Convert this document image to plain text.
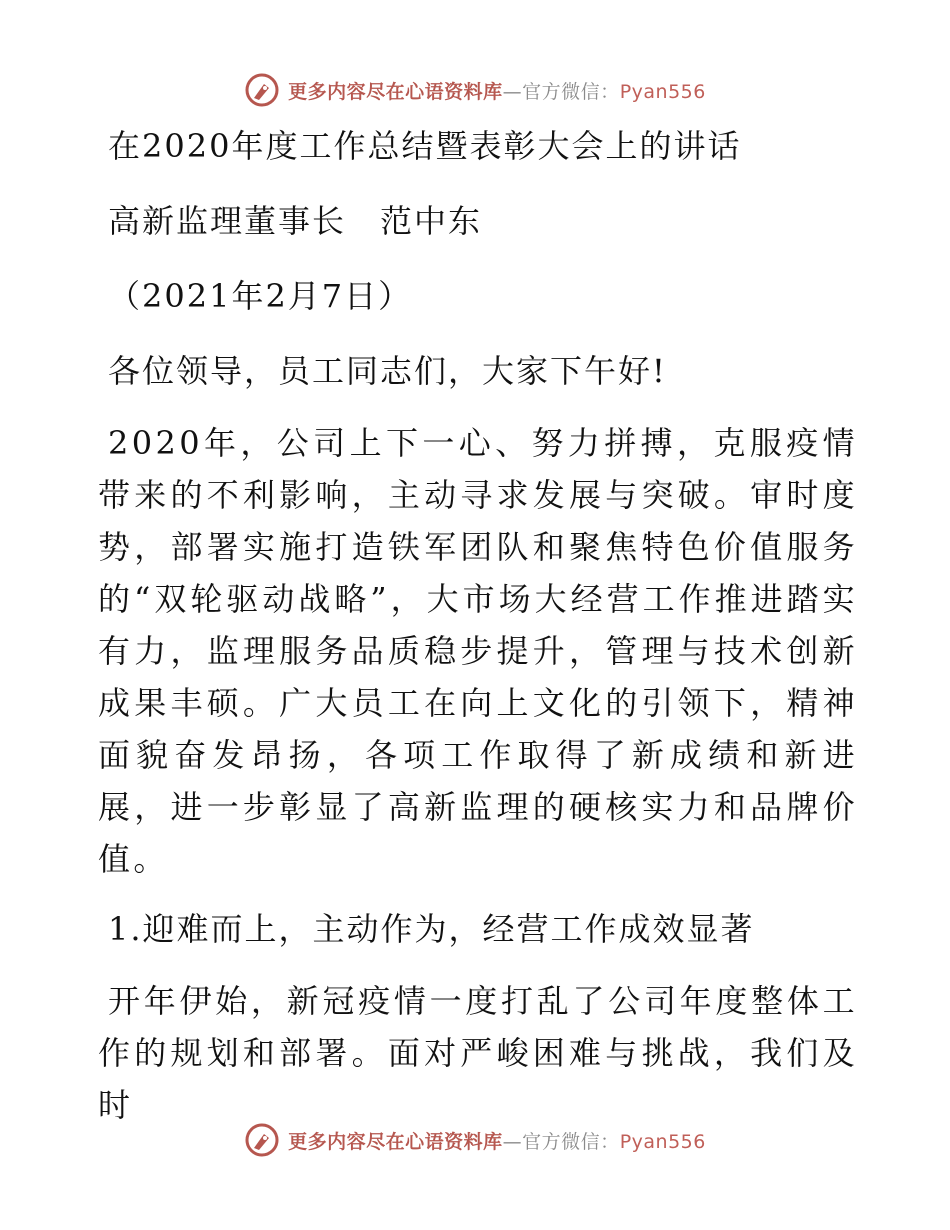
更多内容尽在心语资料库—官方微信：Pyan556

在2020年度工作总结暨表彰大会上的讲话

高新监理董事长　范中东

（2021年2月7日）

各位领导，员工同志们，大家下午好!

2020年，公司上下一心、努力拼搏，克服疫情带来的不利影响，主动寻求发展与突破。审时度势，部署实施打造铁军团队和聚焦特色价值服务的“双轮驱动战略”，大市场大经营工作推进踏实有力，监理服务品质稳步提升，管理与技术创新成果丰硕。广大员工在向上文化的引领下，精神面貌奋发昂扬，各项工作取得了新成绩和新进展，进一步彰显了高新监理的硬核实力和品牌价值。

1.迎难而上，主动作为，经营工作成效显著

开年伊始，新冠疫情一度打乱了公司年度整体工作的规划和部署。面对严峻困难与挑战，我们及时

更多内容尽在心语资料库—官方微信：Pyan556
